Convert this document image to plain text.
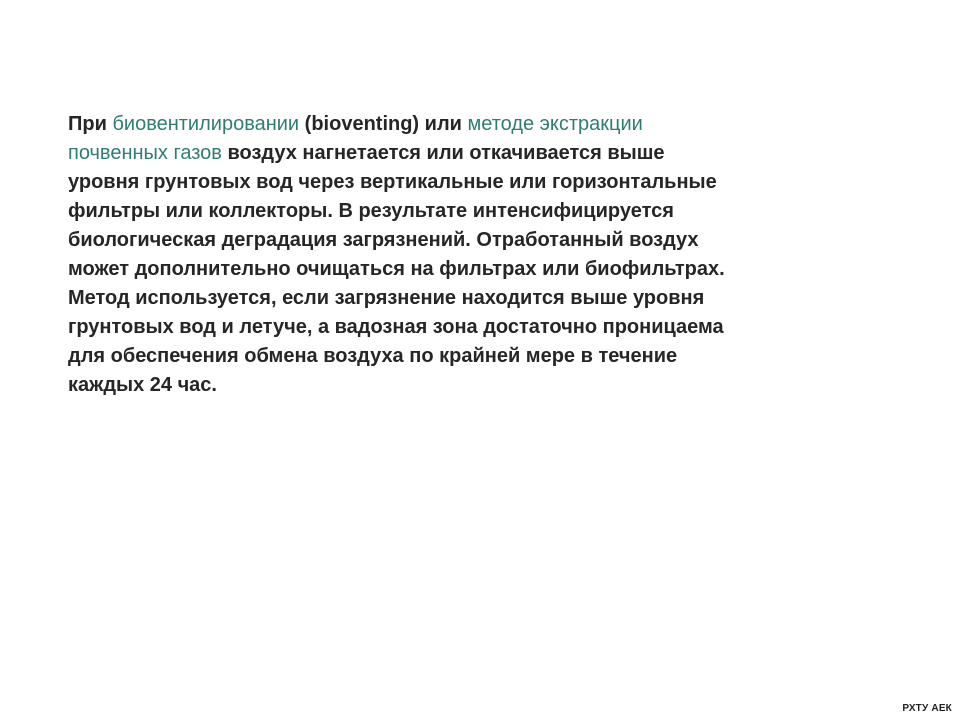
При биовентилировании (bioventing) или методе экстракции
почвенных газов воздух нагнетается или откачивается выше
уровня грунтовых вод через вертикальные или горизонтальные
фильтры или коллекторы. В результате интенсифицируется
биологическая деградация загрязнений. Отработанный воздух
может дополнительно очищаться на фильтрах или биофильтрах.
Метод используется, если загрязнение находится выше уровня
грунтовых вод и летуче, а вадозная зона достаточно проницаема
для обеспечения обмена воздуха по крайней мере в течение
каждых 24 час.

РХТУ АЕК
